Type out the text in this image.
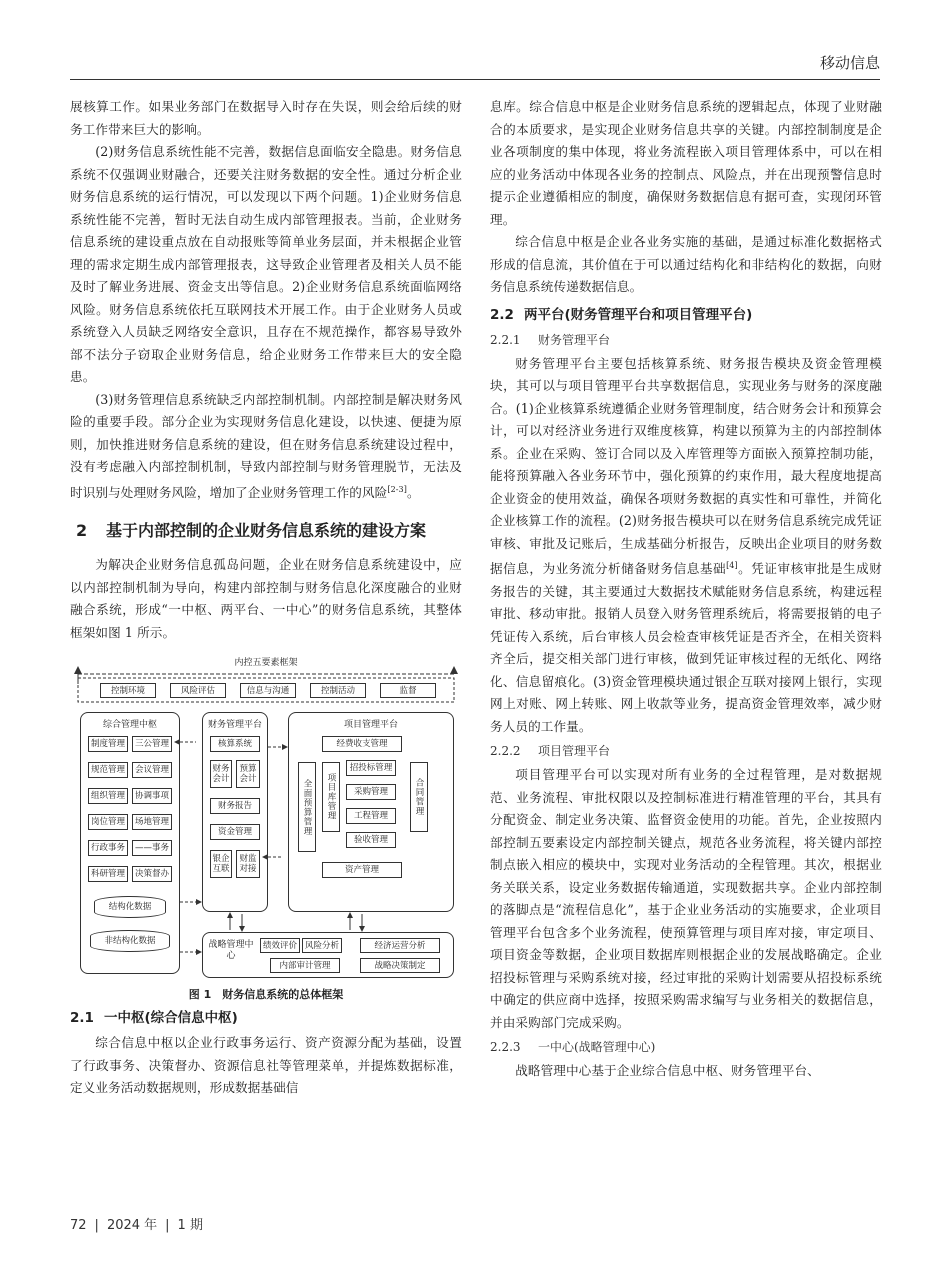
移动信息

展核算工作。如果业务部门在数据导入时存在失误，则会给后续的财务工作带来巨大的影响。

(2)财务信息系统性能不完善，数据信息面临安全隐患。财务信息系统不仅强调业财融合，还要关注财务数据的安全性。通过分析企业财务信息系统的运行情况，可以发现以下两个问题。1)企业财务信息系统性能不完善，暂时无法自动生成内部管理报表。当前，企业财务信息系统的建设重点放在自动报账等简单业务层面，并未根据企业管理的需求定期生成内部管理报表，这导致企业管理者及相关人员不能及时了解业务进展、资金支出等信息。2)企业财务信息系统面临网络风险。财务信息系统依托互联网技术开展工作。由于企业财务人员或系统登入人员缺乏网络安全意识，且存在不规范操作，都容易导致外部不法分子窃取企业财务信息，给企业财务工作带来巨大的安全隐患。

(3)财务管理信息系统缺乏内部控制机制。内部控制是解决财务风险的重要手段。部分企业为实现财务信息化建设，以快速、便捷为原则，加快推进财务信息系统的建设，但在财务信息系统建设过程中，没有考虑融入内部控制机制，导致内部控制与财务管理脱节，无法及时识别与处理财务风险，增加了企业财务管理工作的风险[2-3]。

2 基于内部控制的企业财务信息系统的建设方案

为解决企业财务信息孤岛问题，企业在财务信息系统建设中，应以内部控制机制为导向，构建内部控制与财务信息化深度融合的业财融合系统，形成“一中枢、两平台、一中心”的财务信息系统，其整体框架如图 1 所示。

内控五要素框架
控制环境	风险评估	信息与沟通	控制活动	监督
综合管理中枢
制度管理	三公管理
规范管理	会议管理
组织管理	协调事项
岗位管理	场地管理
行政事务	——事务
科研管理	决策督办
结构化数据
非结构化数据
财务管理平台
核算系统
财务会计
预算会计
财务报告
资金管理
银企互联
财监对接
项目管理平台
经费收支管理
全面预算管理	项目库管理
招投标管理
采购管理
工程管理
验收管理
合同管理
资产管理
战略管理中心
绩效评价 风险分析	经济运营分析
内部审计管理	战略决策制定
图 1　财务信息系统的总体框架
2.1 一中枢(综合信息中枢)

综合信息中枢以企业行政事务运行、资产资源分配为基础，设置了行政事务、决策督办、资源信息社等管理菜单，并提炼数据标准，定义业务活动数据规则，形成数据基础信

息库。综合信息中枢是企业财务信息系统的逻辑起点，体现了业财融合的本质要求，是实现企业财务信息共享的关键。内部控制制度是企业各项制度的集中体现，将业务流程嵌入项目管理体系中，可以在相应的业务活动中体现各业务的控制点、风险点，并在出现预警信息时提示企业遵循相应的制度，确保财务数据信息有据可查，实现闭环管理。

综合信息中枢是企业各业务实施的基础，是通过标准化数据格式形成的信息流，其价值在于可以通过结构化和非结构化的数据，向财务信息系统传递数据信息。

2.2 两平台(财务管理平台和项目管理平台)
2.2.1 财务管理平台

财务管理平台主要包括核算系统、财务报告模块及资金管理模块，其可以与项目管理平台共享数据信息，实现业务与财务的深度融合。(1)企业核算系统遵循企业财务管理制度，结合财务会计和预算会计，可以对经济业务进行双维度核算，构建以预算为主的内部控制体系。企业在采购、签订合同以及入库管理等方面嵌入预算控制功能，能将预算融入各业务环节中，强化预算的约束作用，最大程度地提高企业资金的使用效益，确保各项财务数据的真实性和可靠性，并简化企业核算工作的流程。(2)财务报告模块可以在财务信息系统完成凭证审核、审批及记账后，生成基础分析报告，反映出企业项目的财务数据信息，为业务流分析储备财务信息基础[4]。凭证审核审批是生成财务报告的关键，其主要通过大数据技术赋能财务信息系统，构建远程审批、移动审批。报销人员登入财务管理系统后，将需要报销的电子凭证传入系统，后台审核人员会检查审核凭证是否齐全，在相关资料齐全后，提交相关部门进行审核，做到凭证审核过程的无纸化、网络化、信息留痕化。(3)资金管理模块通过银企互联对接网上银行，实现网上对账、网上转账、网上收款等业务，提高资金管理效率，减少财务人员的工作量。

2.2.2 项目管理平台

项目管理平台可以实现对所有业务的全过程管理，是对数据规范、业务流程、审批权限以及控制标准进行精准管理的平台，其具有分配资金、制定业务决策、监督资金使用的功能。首先，企业按照内部控制五要素设定内部控制关键点，规范各业务流程，将关键内部控制点嵌入相应的模块中，实现对业务活动的全程管理。其次，根据业务关联关系，设定业务数据传输通道，实现数据共享。企业内部控制的落脚点是“流程信息化”，基于企业业务活动的实施要求，企业项目管理平台包含多个业务流程，使预算管理与项目库对接，审定项目、项目资金等数据，企业项目数据库则根据企业的发展战略确定。企业招投标管理与采购系统对接，经过审批的采购计划需要从招投标系统中确定的供应商中选择，按照采购需求编写与业务相关的数据信息，并由采购部门完成采购。

2.2.3 一中心(战略管理中心)

战略管理中心基于企业综合信息中枢、财务管理平台、

72 | 2024 年 | 1 期
